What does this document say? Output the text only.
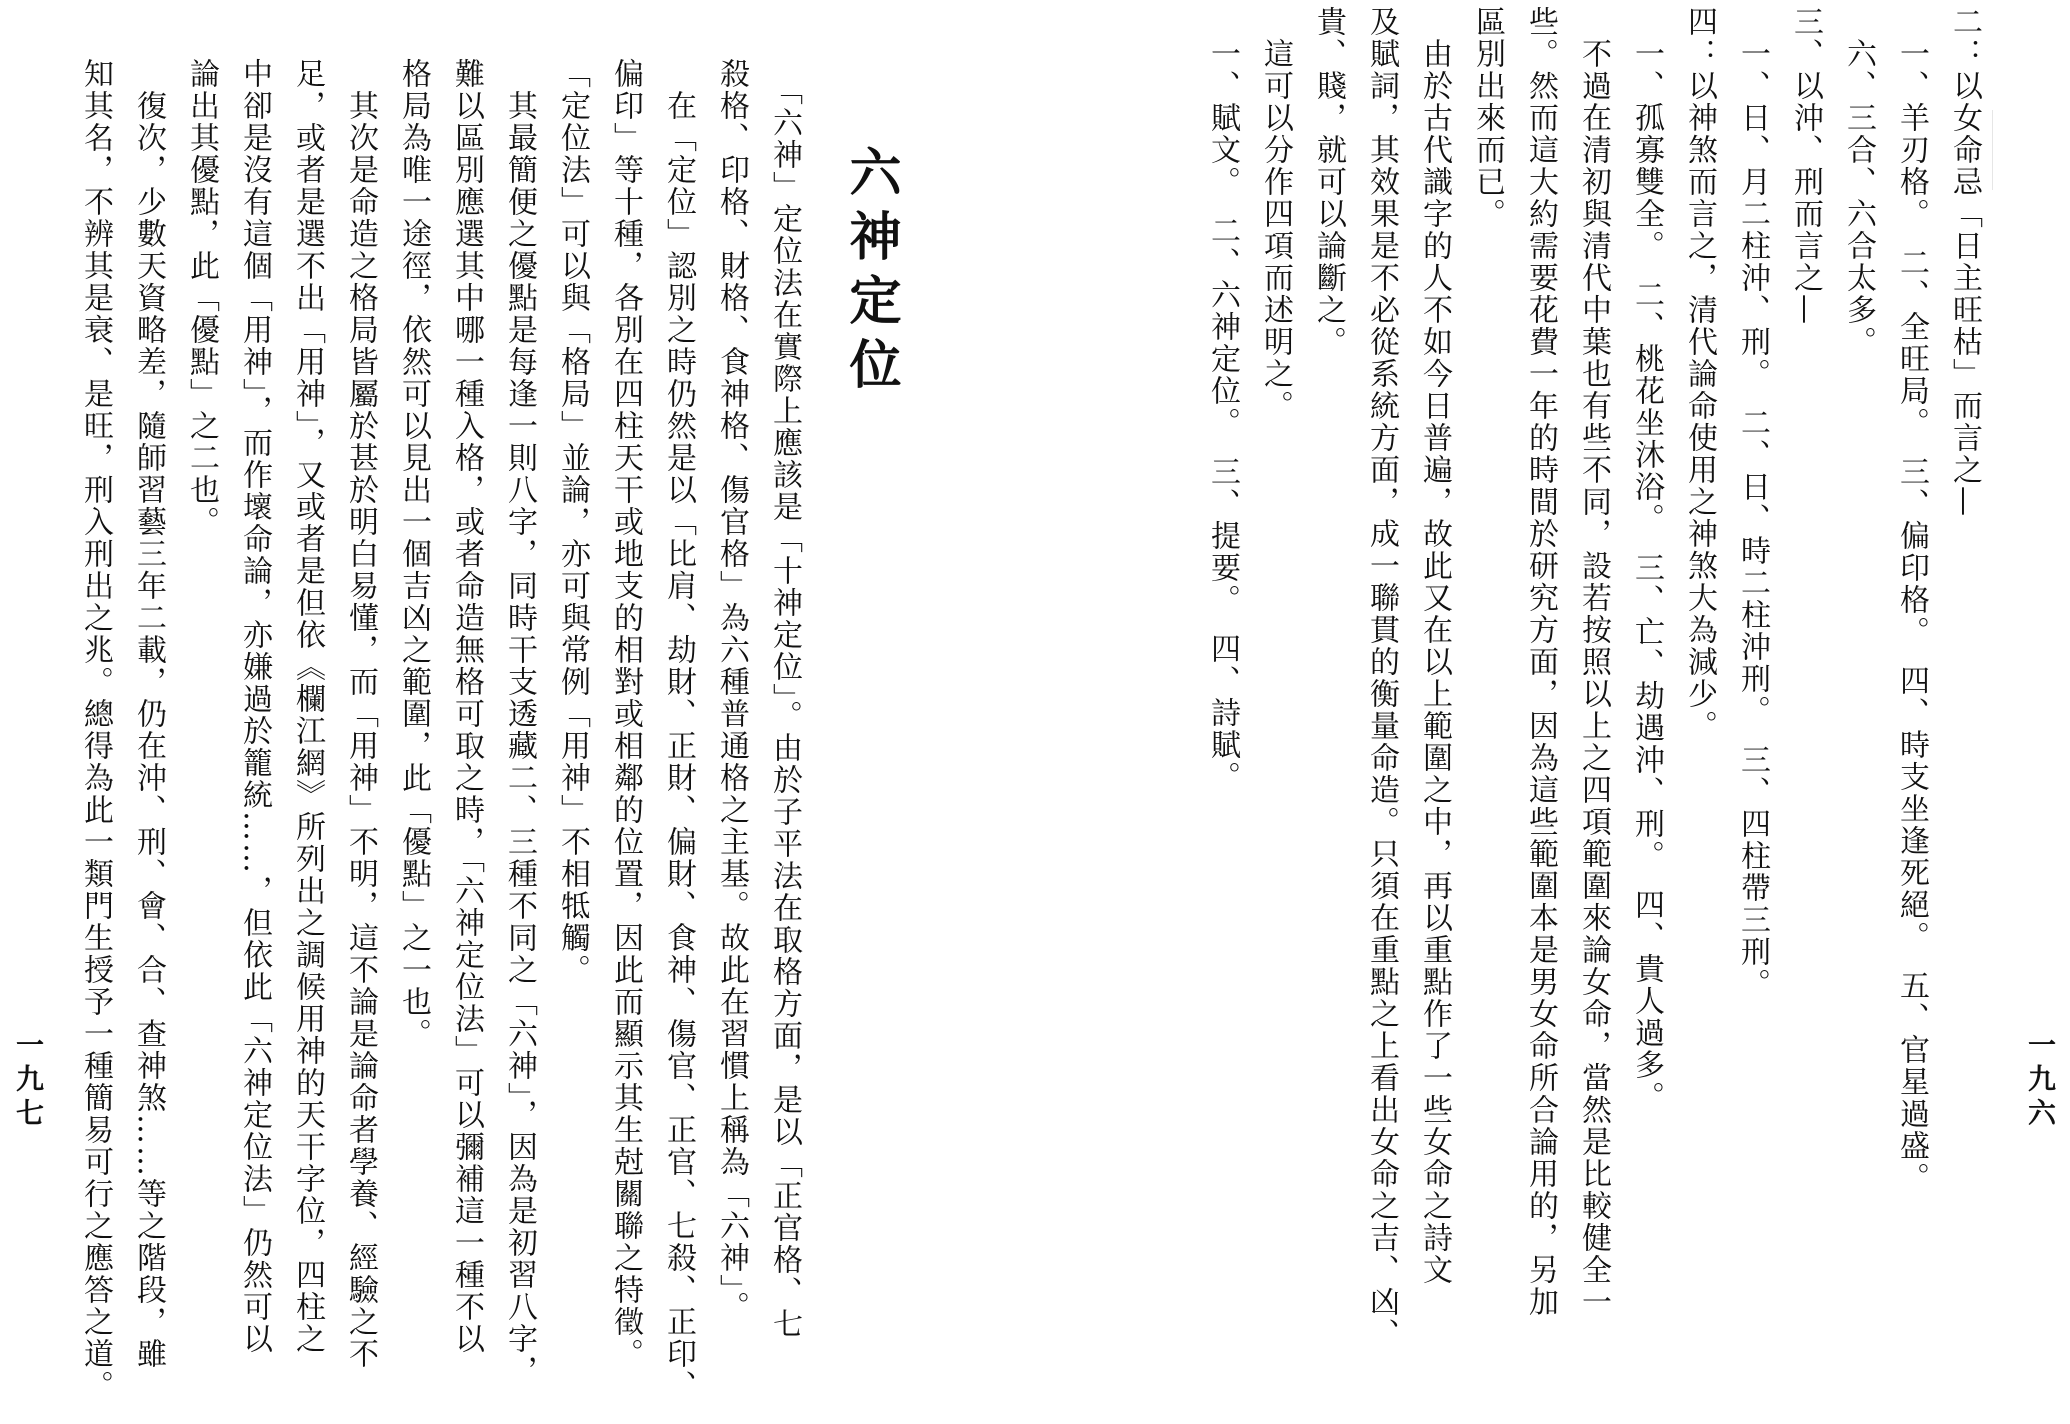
六神定位
　「六神」定位法在實際上應該是「十神定位」。由於子平法在取格方面，是以「正官格、七
殺格、印格、財格、食神格、傷官格」為六種普通格之主基。故此在習慣上稱為「六神」。
　在「定位」認別之時仍然是以「比肩、劫財、正財、偏財、食神、傷官、正官、七殺、正印、
偏印」等十種，各別在四柱天干或地支的相對或相鄰的位置，因此而顯示其生尅關聯之特徵。
「定位法」可以與「格局」並論，亦可與常例「用神」不相牴觸。
　其最簡便之優點是每逢一則八字，同時干支透藏二、三種不同之「六神」，因為是初習八字，
難以區別應選其中哪一種入格，或者命造無格可取之時，「六神定位法」可以彌補這一種不以
格局為唯一途徑，依然可以見出一個吉凶之範圍，此「優點」之一也。
　其次是命造之格局皆屬於甚於明白易懂，而「用神」不明，這不論是論命者學養、經驗之不
足，或者是選不出「用神」，又或者是但依《欄江網》所列出之調候用神的天干字位，四柱之
中卻是沒有這個「用神」，而作壞命論，亦嫌過於籠統……，但依此「六神定位法」仍然可以
論出其優點，此「優點」之二也。
　復次，少數天資略差，隨師習藝三年二載，仍在沖、刑、會、合、查神煞……等之階段，雖
知其名，不辨其是衰、是旺，刑入刑出之兆。總得為此一類門生授予一種簡易可行之應答之道。
一九七
二：以女命忌「日主旺枯」而言之—
　一、羊刃格。　二、全旺局。　三、偏印格。　四、時支坐逢死絕。　五、官星過盛。
　六、三合、六合太多。
三、以沖、刑而言之—
　一、日、月二柱沖、刑。　二、日、時二柱沖刑。　三、四柱帶三刑。
四：以神煞而言之，清代論命使用之神煞大為減少。
　一、孤寡雙全。　二、桃花坐沐浴。　三、亡、劫遇沖、刑。　四、貴人過多。
　不過在清初與清代中葉也有些不同，設若按照以上之四項範圍來論女命，當然是比較健全一
些。然而這大約需要花費一年的時間於研究方面，因為這些範圍本是男女命所合論用的，另加
區別出來而已。
　由於古代識字的人不如今日普遍，故此又在以上範圍之中，再以重點作了一些女命之詩文
及賦詞，其效果是不必從系統方面，成一聯貫的衡量命造。只須在重點之上看出女命之吉、凶、
貴、賤，就可以論斷之。
　這可以分作四項而述明之。
　一、賦文。　二、六神定位。　三、提要。　四、詩賦。
一九六
